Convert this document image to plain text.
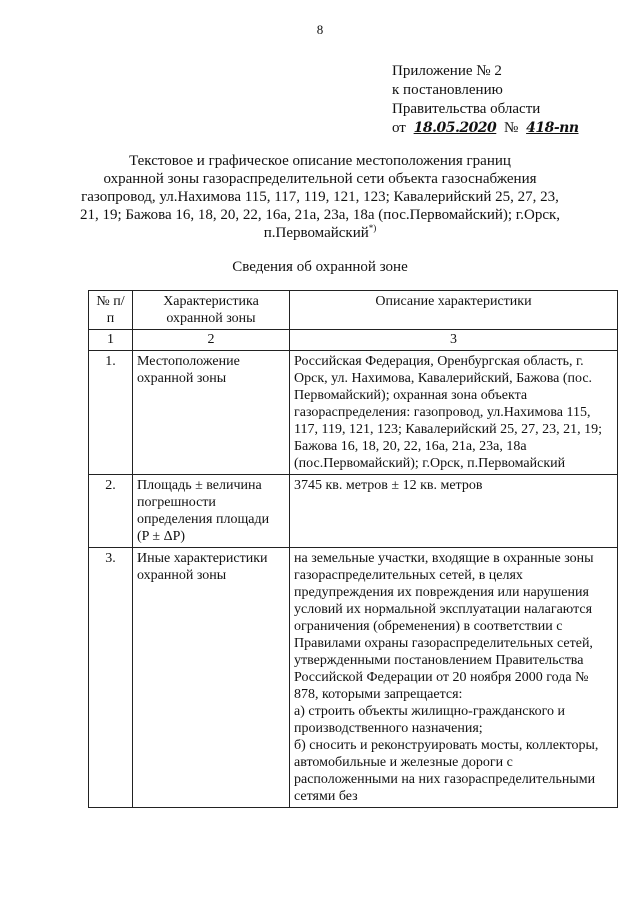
8
Приложение № 2
к постановлению
Правительства области
от 18.05.2020 № 418-пп
Текстовое и графическое описание местоположения границ
охранной зоны газораспределительной сети объекта газоснабжения
газопровод, ул.Нахимова 115, 117, 119, 121, 123; Кавалерийский 25, 27, 23,
21, 19; Бажова 16, 18, 20, 22, 16а, 21а, 23а, 18а (пос.Первомайский); г.Орск,
п.Первомайский*)
Сведения об охранной зоне
№ п/п	Характеристика охранной зоны	Описание характеристики
1	2	3
1.	Местоположение охранной зоны	Российская Федерация, Оренбургская область, г. Орск, ул. Нахимова, Кавалерийский, Бажова (пос. Первомайский); охранная зона объекта газораспределения: газопровод, ул.Нахимова 115, 117, 119, 121, 123; Кавалерийский 25, 27, 23, 21, 19; Бажова 16, 18, 20, 22, 16а, 21а, 23а, 18а (пос.Первомайский); г.Орск, п.Первомайский
2.	Площадь ± величина погрешности определения площади (P ± ΔP)	3745 кв. метров ± 12 кв. метров
3.	Иные характеристики охранной зоны	на земельные участки, входящие в охранные зоны газораспределительных сетей, в целях предупреждения их повреждения или нарушения условий их нормальной эксплуатации налагаются ограничения (обременения) в соответствии с Правилами охраны газораспределительных сетей, утвержденными постановлением Правительства Российской Федерации от 20 ноября 2000 года № 878, которыми запрещается:
а) строить объекты жилищно-гражданского и производственного назначения;
б) сносить и реконструировать мосты, коллекторы, автомобильные и железные дороги с расположенными на них газораспределительными сетями без
